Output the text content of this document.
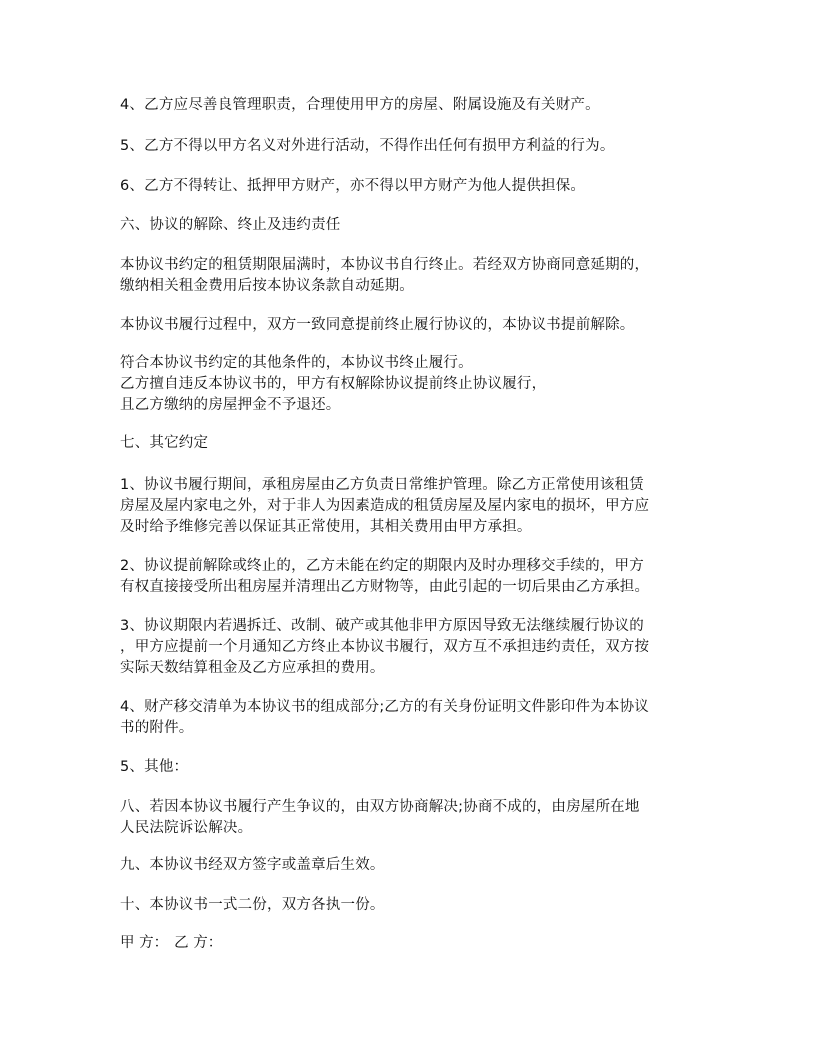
4、乙方应尽善良管理职责，合理使用甲方的房屋、附属设施及有关财产。

5、乙方不得以甲方名义对外进行活动，不得作出任何有损甲方利益的行为。

6、乙方不得转让、抵押甲方财产，亦不得以甲方财产为他人提供担保。

六、协议的解除、终止及违约责任

本协议书约定的租赁期限届满时，本协议书自行终止。若经双方协商同意延期的，
缴纳相关租金费用后按本协议条款自动延期。

本协议书履行过程中，双方一致同意提前终止履行协议的，本协议书提前解除。

符合本协议书约定的其他条件的，本协议书终止履行。
乙方擅自违反本协议书的，甲方有权解除协议提前终止协议履行，
且乙方缴纳的房屋押金不予退还。

七、其它约定

1、协议书履行期间，承租房屋由乙方负责日常维护管理。除乙方正常使用该租赁
房屋及屋内家电之外，对于非人为因素造成的租赁房屋及屋内家电的损坏，甲方应
及时给予维修完善以保证其正常使用，其相关费用由甲方承担。

2、协议提前解除或终止的，乙方未能在约定的期限内及时办理移交手续的，甲方
有权直接接受所出租房屋并清理出乙方财物等，由此引起的一切后果由乙方承担。

3、协议期限内若遇拆迁、改制、破产或其他非甲方原因导致无法继续履行协议的
，甲方应提前一个月通知乙方终止本协议书履行，双方互不承担违约责任，双方按
实际天数结算租金及乙方应承担的费用。

4、财产移交清单为本协议书的组成部分;乙方的有关身份证明文件影印件为本协议
书的附件。

5、其他：

八、若因本协议书履行产生争议的，由双方协商解决;协商不成的，由房屋所在地
人民法院诉讼解决。

九、本协议书经双方签字或盖章后生效。

十、本协议书一式二份，双方各执一份。

甲 方： 乙 方：
